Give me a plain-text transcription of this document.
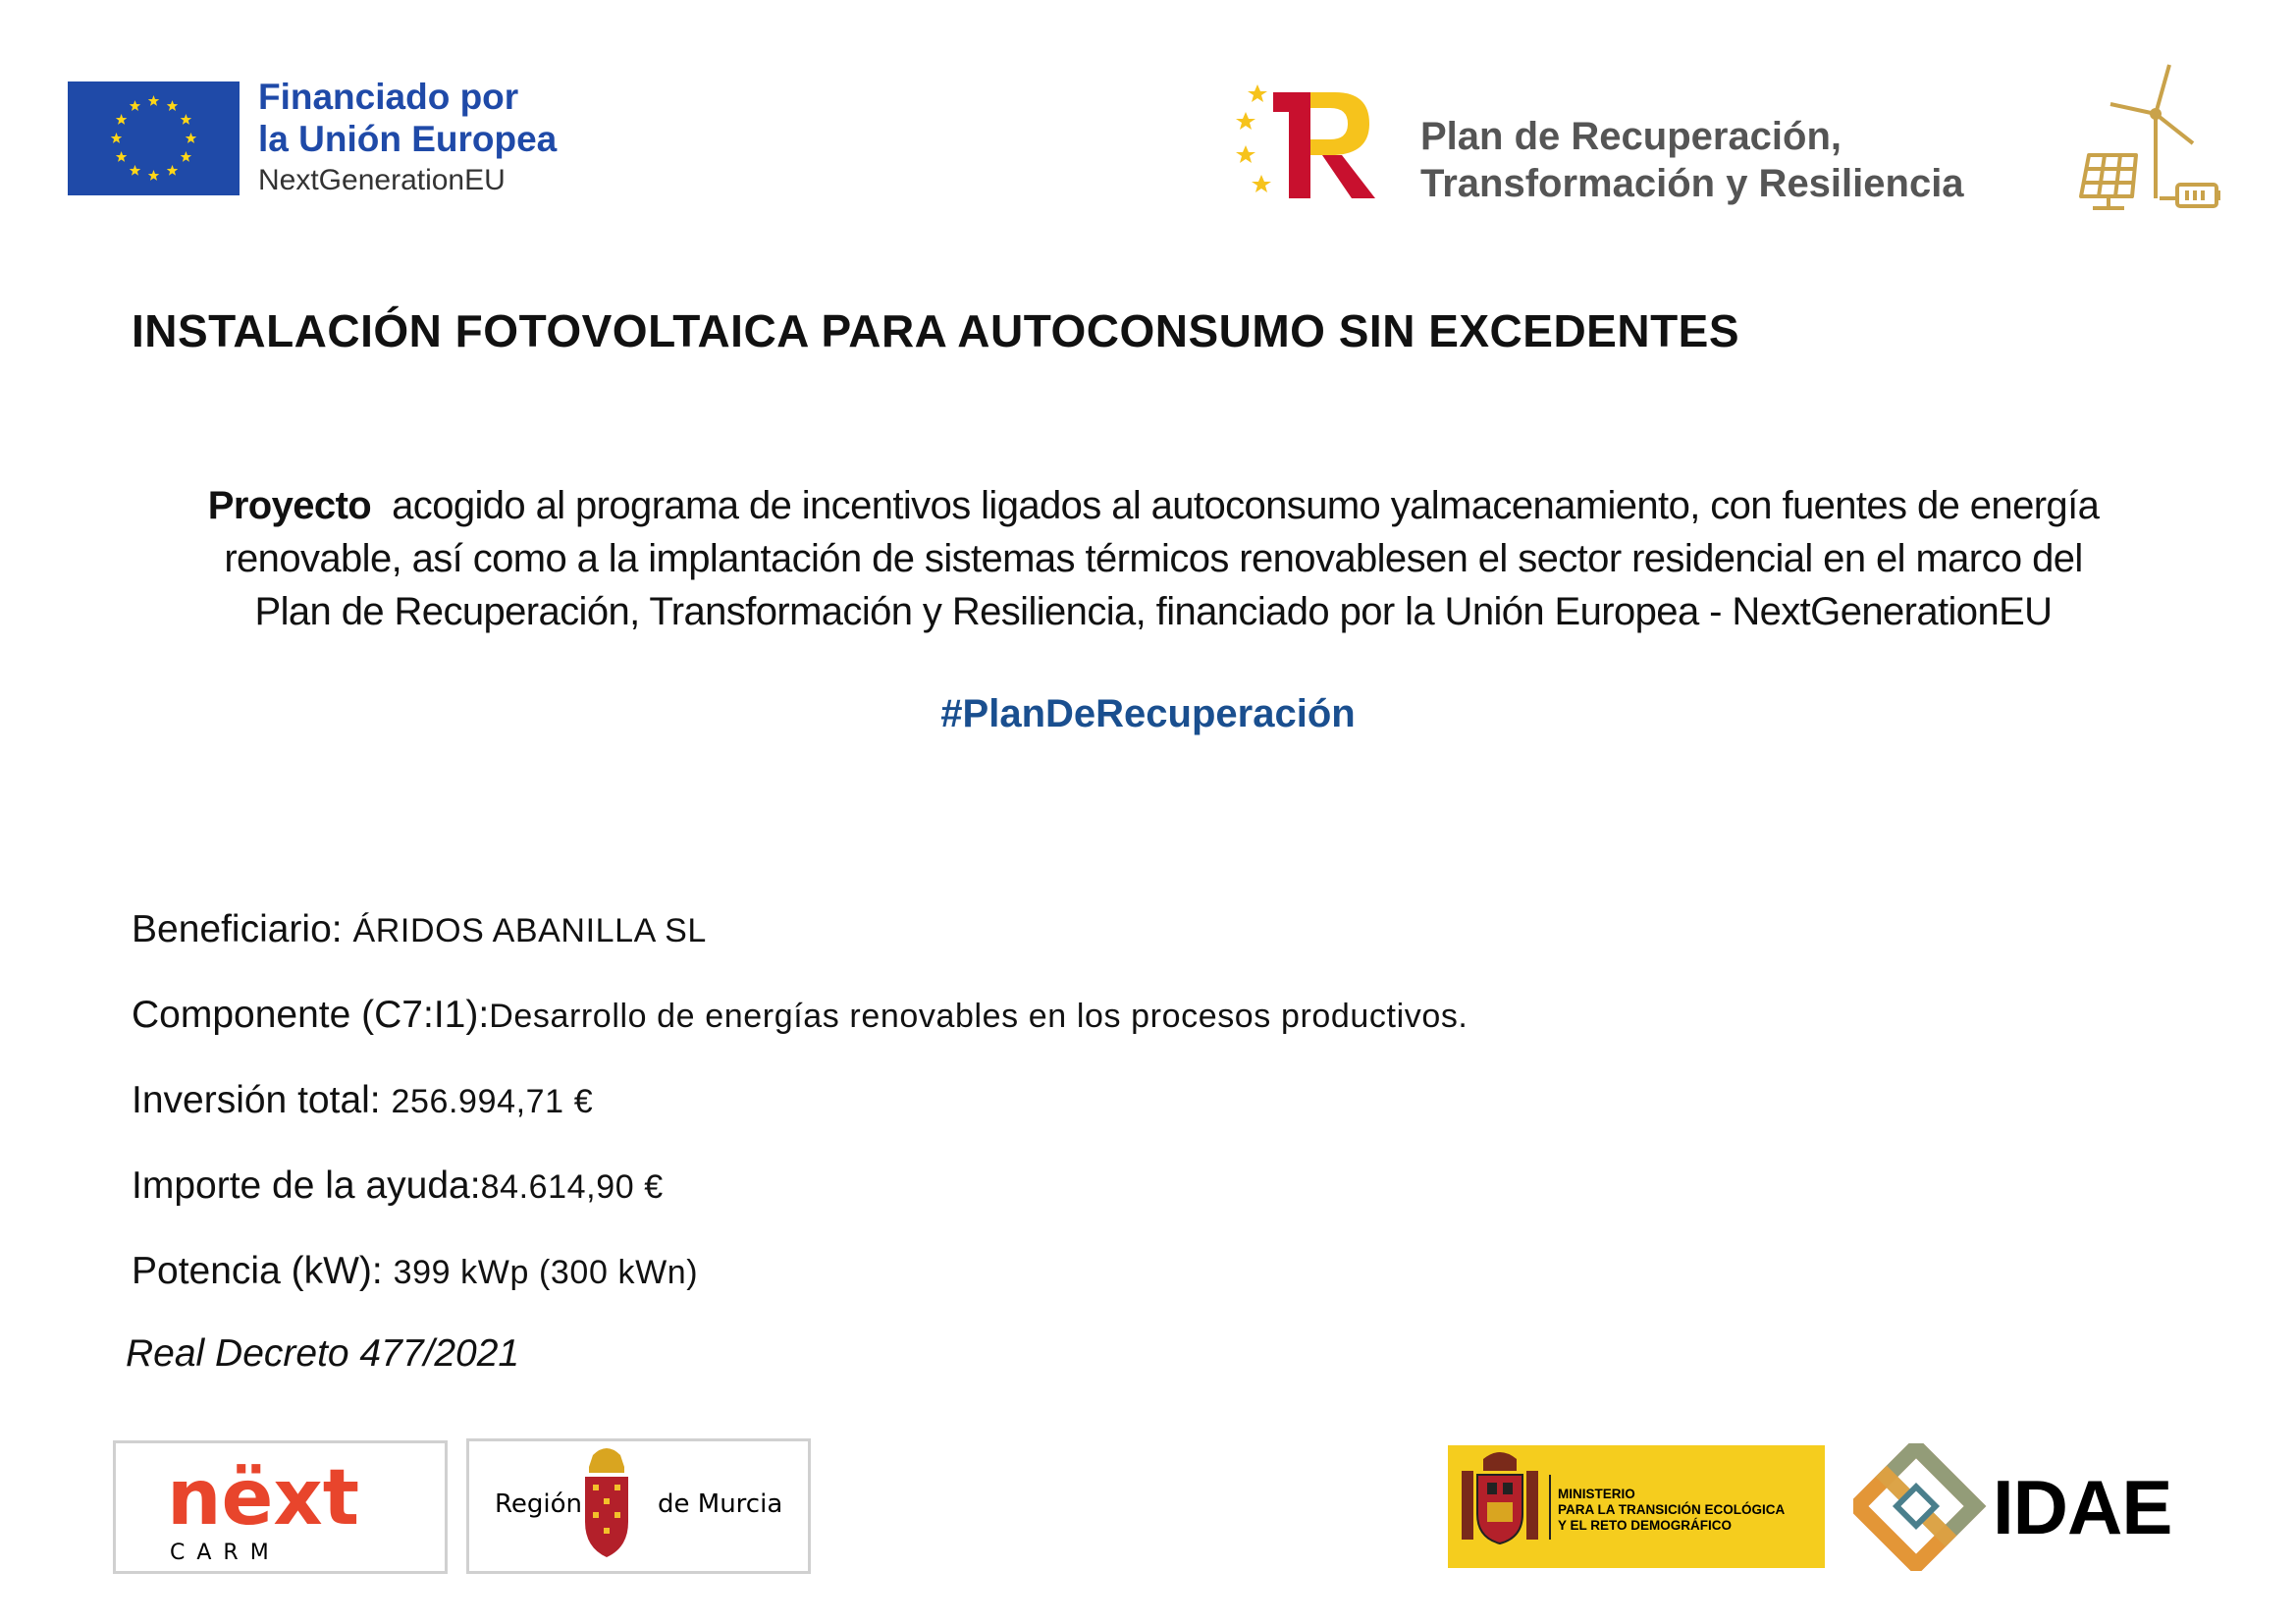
Financiado por
la Unión Europea
NextGenerationEU
Plan de Recuperación,
Transformación y Resiliencia
INSTALACIÓN FOTOVOLTAICA PARA AUTOCONSUMO SIN EXCEDENTES
Proyecto acogido al programa de incentivos ligados al autoconsumo yalmacenamiento, con fuentes de energía
renovable, así como a la implantación de sistemas térmicos renovablesen el sector residencial en el marco del
Plan de Recuperación, Transformación y Resiliencia, financiado por la Unión Europea - NextGenerationEU
#PlanDeRecuperación
Beneficiario: ÁRIDOS ABANILLA SL
Componente (C7:I1):Desarrollo de energías renovables en los procesos productivos.
Inversión total: 256.994,71 €
Importe de la ayuda:84.614,90 €
Potencia (kW): 399 kWp (300 kWn)
Real Decreto 477/2021
nëxt
CARM
Región	de Murcia	MINISTERIO
PARA LA TRANSICIÓN ECOLÓGICA
Y EL RETO DEMOGRÁFICO	IDAE
